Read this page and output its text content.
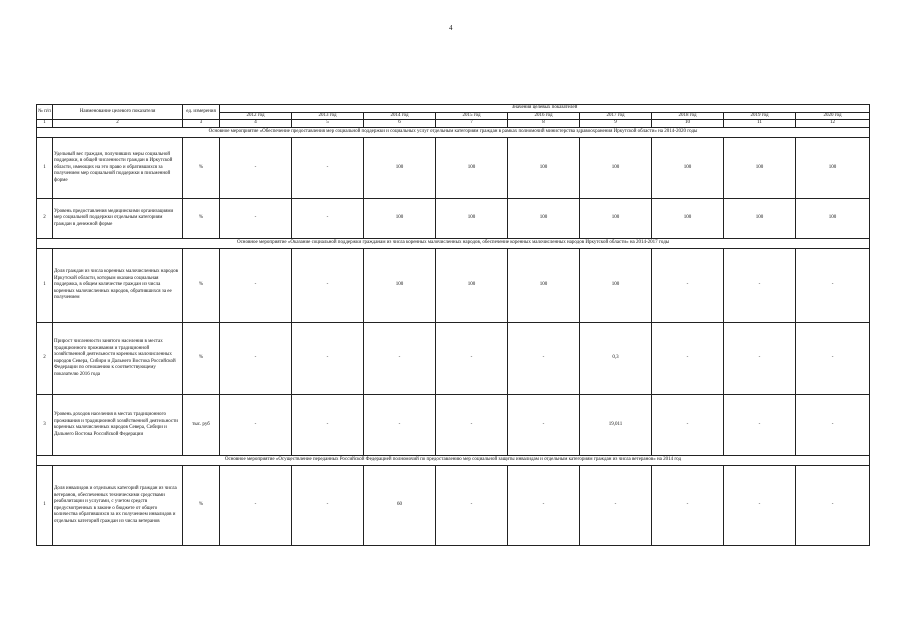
4
№ п/п	Наименование целевого показателя	ед. измерения	Значения целевых показателей								
			2012 год	2013 год	2014 год	2015 год	2016 год	2017 год	2018 год	2019 год	2020 год
1	2	3	4	5	6	7	8	9	10	11	12
Основное мероприятие «Обеспечение предоставления мер социальной поддержки и социальных услуг отдельным категориям граждан в рамках полномочий министерства здравоохранения Иркутской области» на 2014-2020 годы											
1	Удельный вес граждан, получивших меры социальной поддержки, в общей численности граждан в Иркутской области, имеющих на это право и обратившихся за получением мер социальной поддержки в письменной форме	%	-	-	100	100	100	100	100	100	100
2	Уровень предоставления медицинскими организациями мер социальной поддержки отдельным категориям граждан в денежной форме	%	-	-	100	100	100	100	100	100	100
Основное мероприятие «Оказание социальной поддержки гражданам из числа коренных малочисленных народов, обеспечение коренных малочисленных народов Иркутской области» на 2014-2017 годы											
1	Доля граждан из числа коренных малочисленных народов Иркутской области, которым оказана социальная поддержка, в общем количестве граждан из числа коренных малочисленных народов, обратившихся за ее получением	%	-	-	100	100	100	100	-	-	-
2	Прирост численности занятого населения в местах традиционного проживания и традиционной хозяйственной деятельности коренных малочисленных народов Севера, Сибири и Дальнего Востока Российской Федерации по отношению к соответствующему показателю 2016 года	%	-	-	-	-	-	0,3	-	-	-
3	Уровень доходов населения в местах традиционного проживания и традиционной хозяйственной деятельности коренных малочисленных народов Севера, Сибири и Дальнего Востока Российской Федерации	тыс. руб	-	-	-	-	-	19,011	-	-	-
Основное мероприятие «Осуществление переданных Российской Федерацией полномочий по предоставлению мер социальной защиты инвалидам и отдельным категориям граждан из числа ветеранов» на 2014 год											
1	Доля инвалидов и отдельных категорий граждан из числа ветеранов, обеспеченных техническими средствами реабилитации и услугами, с учетом средств предусмотренных в законе о бюджете от общего количества обратившихся за их получением инвалидов и отдельных категорий граждан из числа ветеранов	%	-	-	60	-	-	-	-	-	-
